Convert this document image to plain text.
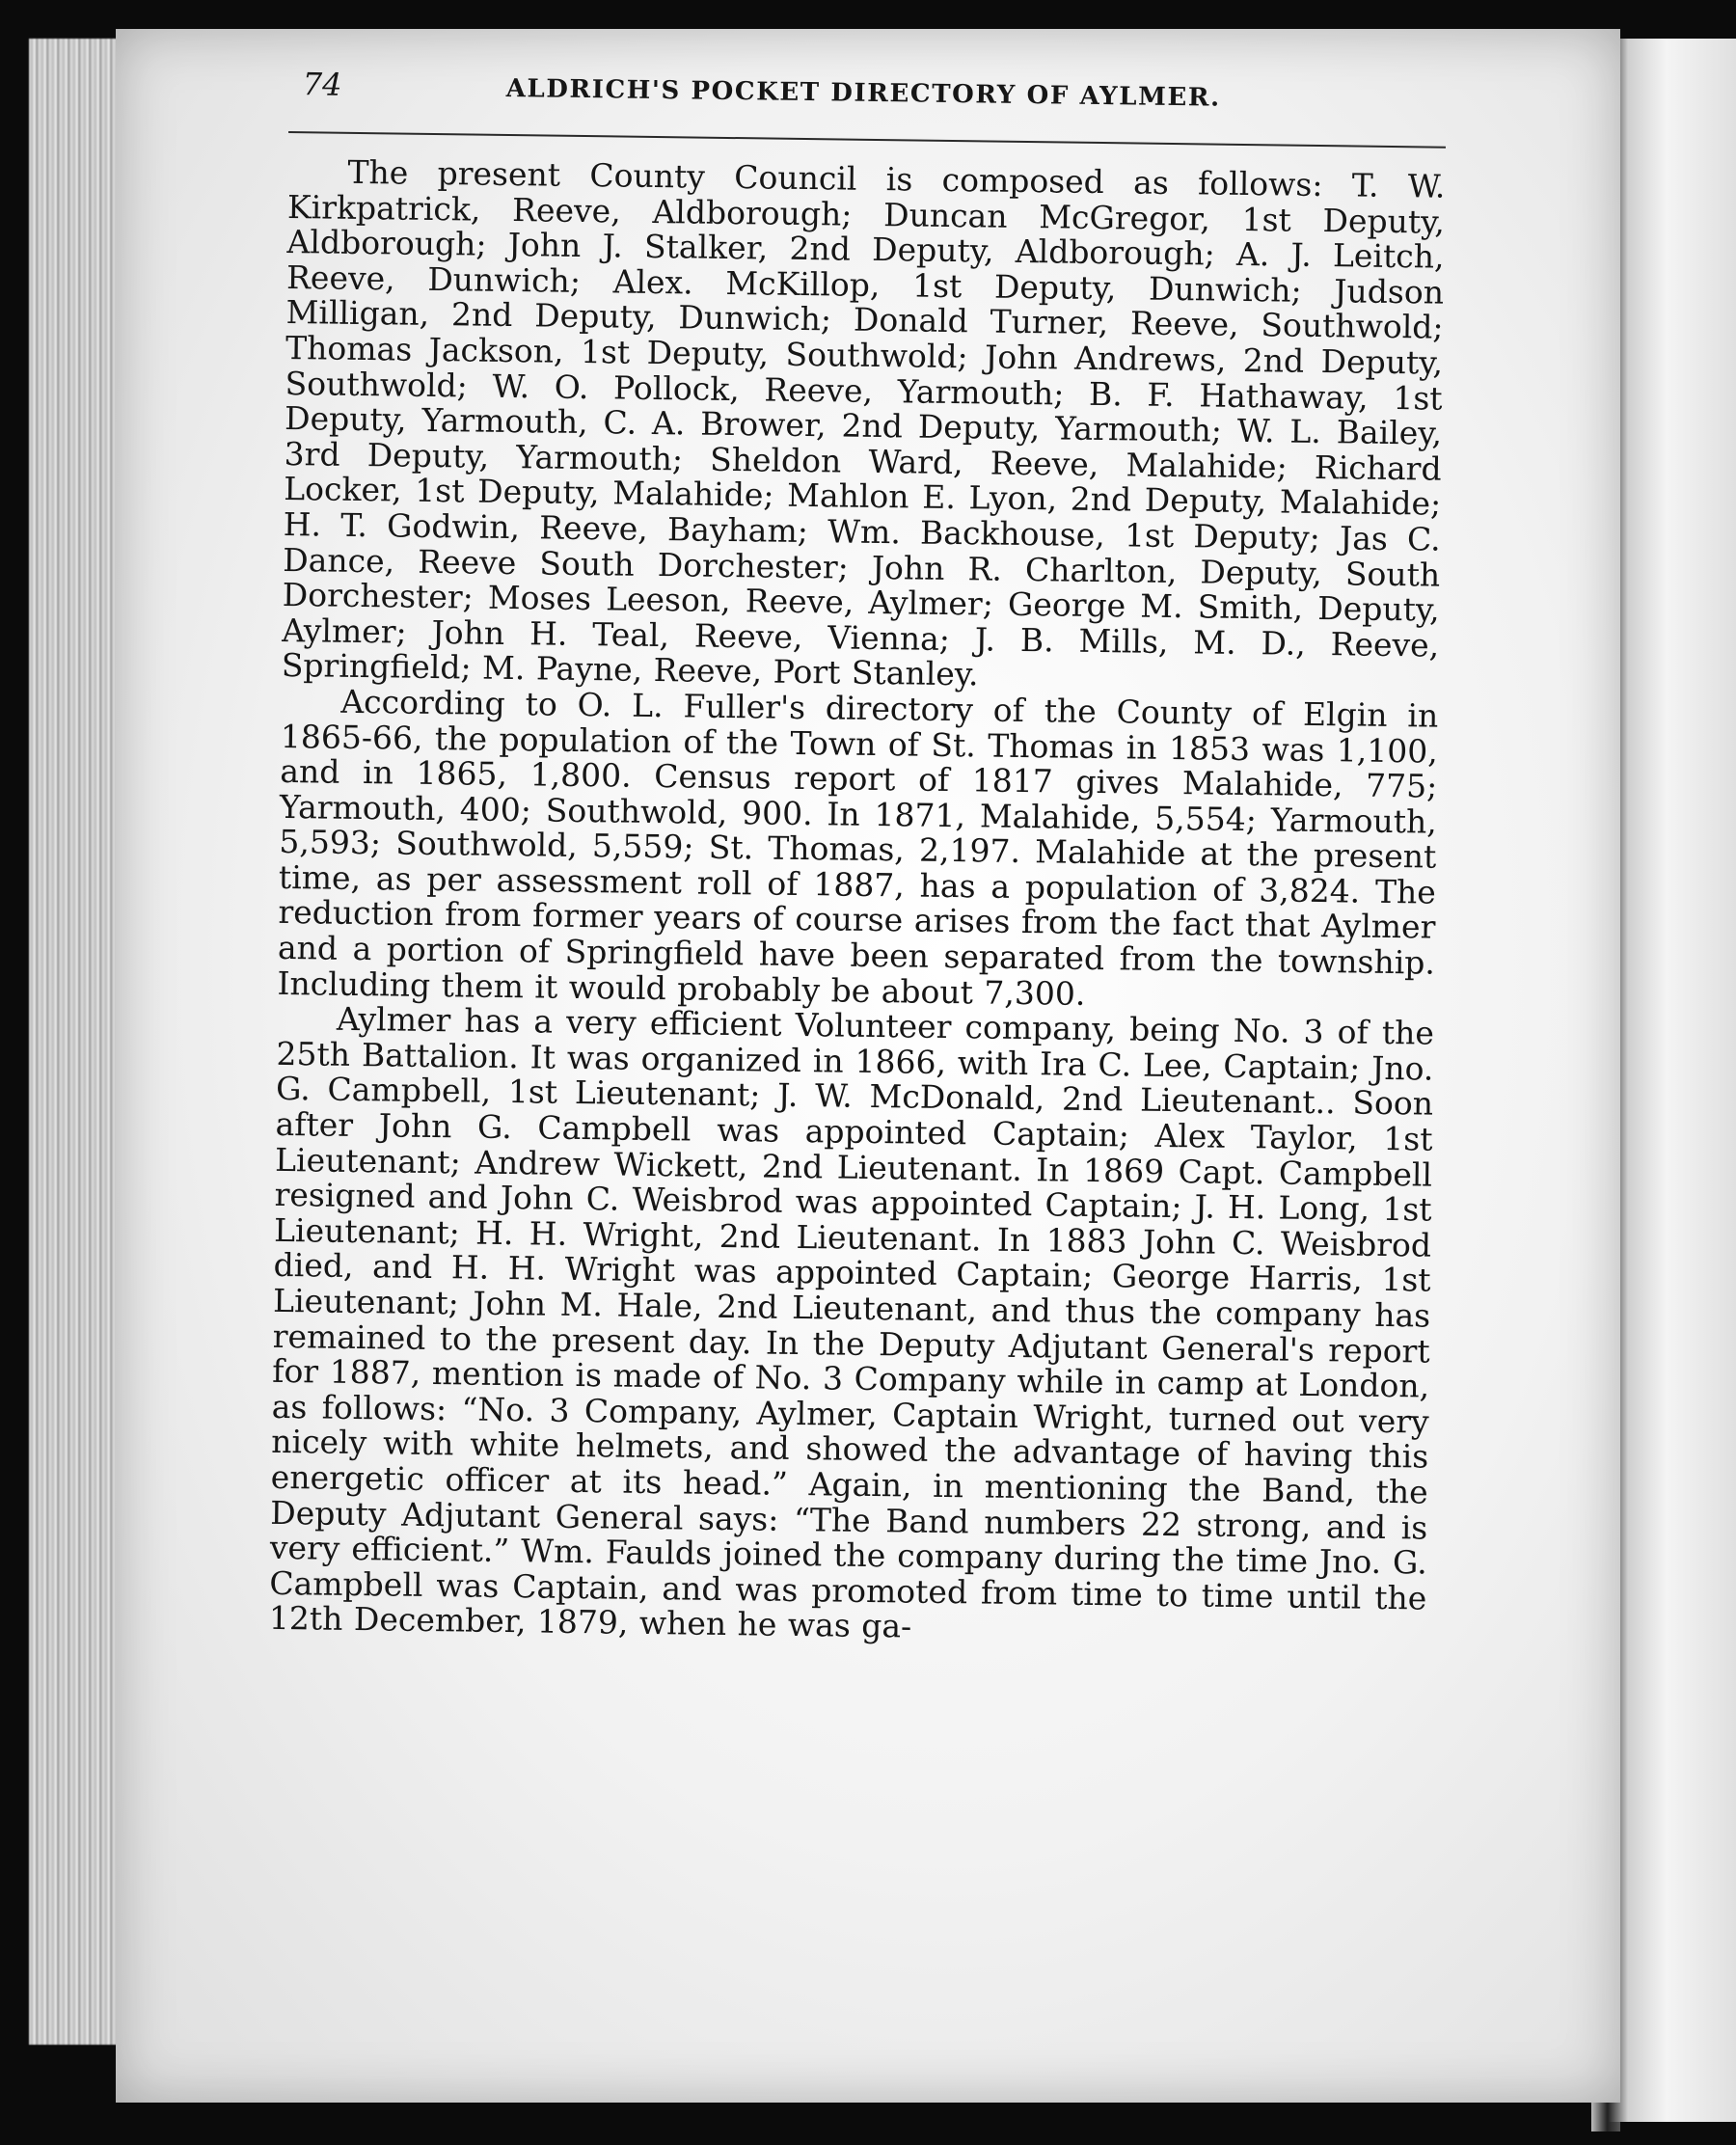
74	ALDRICH'S POCKET DIRECTORY OF AYLMER.

The present County Council is composed as follows: T. W. Kirkpatrick, Reeve, Aldborough; Duncan McGregor, 1st Deputy, Aldborough; John J. Stalker, 2nd Deputy, Aldborough; A. J. Leitch, Reeve, Dunwich; Alex. McKillop, 1st Deputy, Dunwich; Judson Milligan, 2nd Deputy, Dunwich; Donald Turner, Reeve, Southwold; Thomas Jackson, 1st Deputy, Southwold; John Andrews, 2nd Deputy, Southwold; W. O. Pollock, Reeve, Yarmouth; B. F. Hathaway, 1st Deputy, Yarmouth, C. A. Brower, 2nd Deputy, Yarmouth; W. L. Bailey, 3rd Deputy, Yarmouth; Sheldon Ward, Reeve, Malahide; Richard Locker, 1st Deputy, Malahide; Mahlon E. Lyon, 2nd Deputy, Malahide; H. T. Godwin, Reeve, Bayham; Wm. Backhouse, 1st Deputy; Jas C. Dance, Reeve South Dorchester; John R. Charlton, Deputy, South Dorchester; Moses Leeson, Reeve, Aylmer; George M. Smith, Deputy, Aylmer; John H. Teal, Reeve, Vienna; J. B. Mills, M. D., Reeve, Springfield; M. Payne, Reeve, Port Stanley.

According to O. L. Fuller's directory of the County of Elgin in 1865-66, the population of the Town of St. Thomas in 1853 was 1,100, and in 1865, 1,800. Census report of 1817 gives Malahide, 775; Yarmouth, 400; Southwold, 900. In 1871, Malahide, 5,554; Yarmouth, 5,593; Southwold, 5,559; St. Thomas, 2,197. Malahide at the present time, as per assessment roll of 1887, has a population of 3,824. The reduction from former years of course arises from the fact that Aylmer and a portion of Springfield have been separated from the township. Including them it would probably be about 7,300.

Aylmer has a very efficient Volunteer company, being No. 3 of the 25th Battalion. It was organized in 1866, with Ira C. Lee, Captain; Jno. G. Campbell, 1st Lieutenant; J. W. McDonald, 2nd Lieutenant.. Soon after John G. Campbell was appointed Captain; Alex Taylor, 1st Lieutenant; Andrew Wickett, 2nd Lieutenant. In 1869 Capt. Campbell resigned and John C. Weisbrod was appointed Captain; J. H. Long, 1st Lieutenant; H. H. Wright, 2nd Lieutenant. In 1883 John C. Weisbrod died, and H. H. Wright was appointed Captain; George Harris, 1st Lieutenant; John M. Hale, 2nd Lieutenant, and thus the company has remained to the present day. In the Deputy Adjutant General's report for 1887, mention is made of No. 3 Company while in camp at London, as follows: “No. 3 Company, Aylmer, Captain Wright, turned out very nicely with white helmets, and showed the advantage of having this energetic officer at its head.” Again, in mentioning the Band, the Deputy Adjutant General says: “The Band numbers 22 strong, and is very efficient.” Wm. Faulds joined the company during the time Jno. G. Campbell was Captain, and was promoted from time to time until the 12th December, 1879, when he was ga-
